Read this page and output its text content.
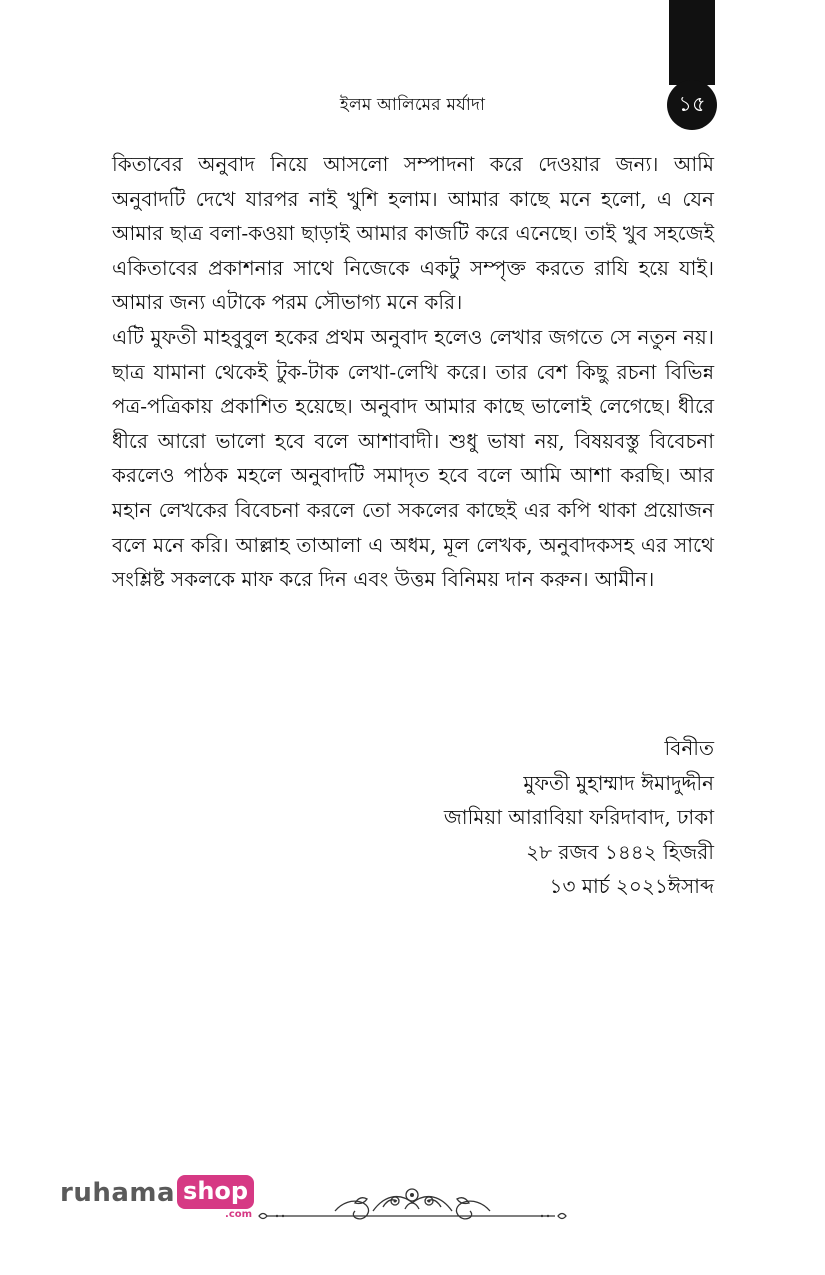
১৫
ইলম আলিমের মর্যাদা

কিতাবের অনুবাদ নিয়ে আসলো সম্পাদনা করে দেওয়ার জন্য। আমি অনুবাদটি দেখে যারপর নাই খুশি হলাম। আমার কাছে মনে হলো, এ যেন আমার ছাত্র বলা-কওয়া ছাড়াই আমার কাজটি করে এনেছে। তাই খুব সহজেই একিতাবের প্রকাশনার সাথে নিজেকে একটু সম্পৃক্ত করতে রাযি হয়ে যাই। আমার জন্য এটাকে পরম সৌভাগ্য মনে করি।

এটি মুফতী মাহবুবুল হকের প্রথম অনুবাদ হলেও লেখার জগতে সে নতুন নয়। ছাত্র যামানা থেকেই টুক-টাক লেখা-লেখি করে। তার বেশ কিছু রচনা বিভিন্ন পত্র-পত্রিকায় প্রকাশিত হয়েছে। অনুবাদ আমার কাছে ভালোই লেগেছে। ধীরে ধীরে আরো ভালো হবে বলে আশাবাদী। শুধু ভাষা নয়, বিষয়বস্তু বিবেচনা করলেও পাঠক মহলে অনুবাদটি সমাদৃত হবে বলে আমি আশা করছি। আর মহান লেখকের বিবেচনা করলে তো সকলের কাছেই এর কপি থাকা প্রয়োজন বলে মনে করি। আল্লাহ তাআলা এ অধম, মূল লেখক, অনুবাদকসহ এর সাথে সংশ্লিষ্ট সকলকে মাফ করে দিন এবং উত্তম বিনিময় দান করুন। আমীন।

বিনীত
মুফতী মুহাম্মাদ ঈমাদুদ্দীন
জামিয়া আরাবিয়া ফরিদাবাদ, ঢাকা
২৮ রজব ১৪৪২ হিজরী
১৩ মার্চ ২০২১ঈসাব্দ
ruhama shop
.com
